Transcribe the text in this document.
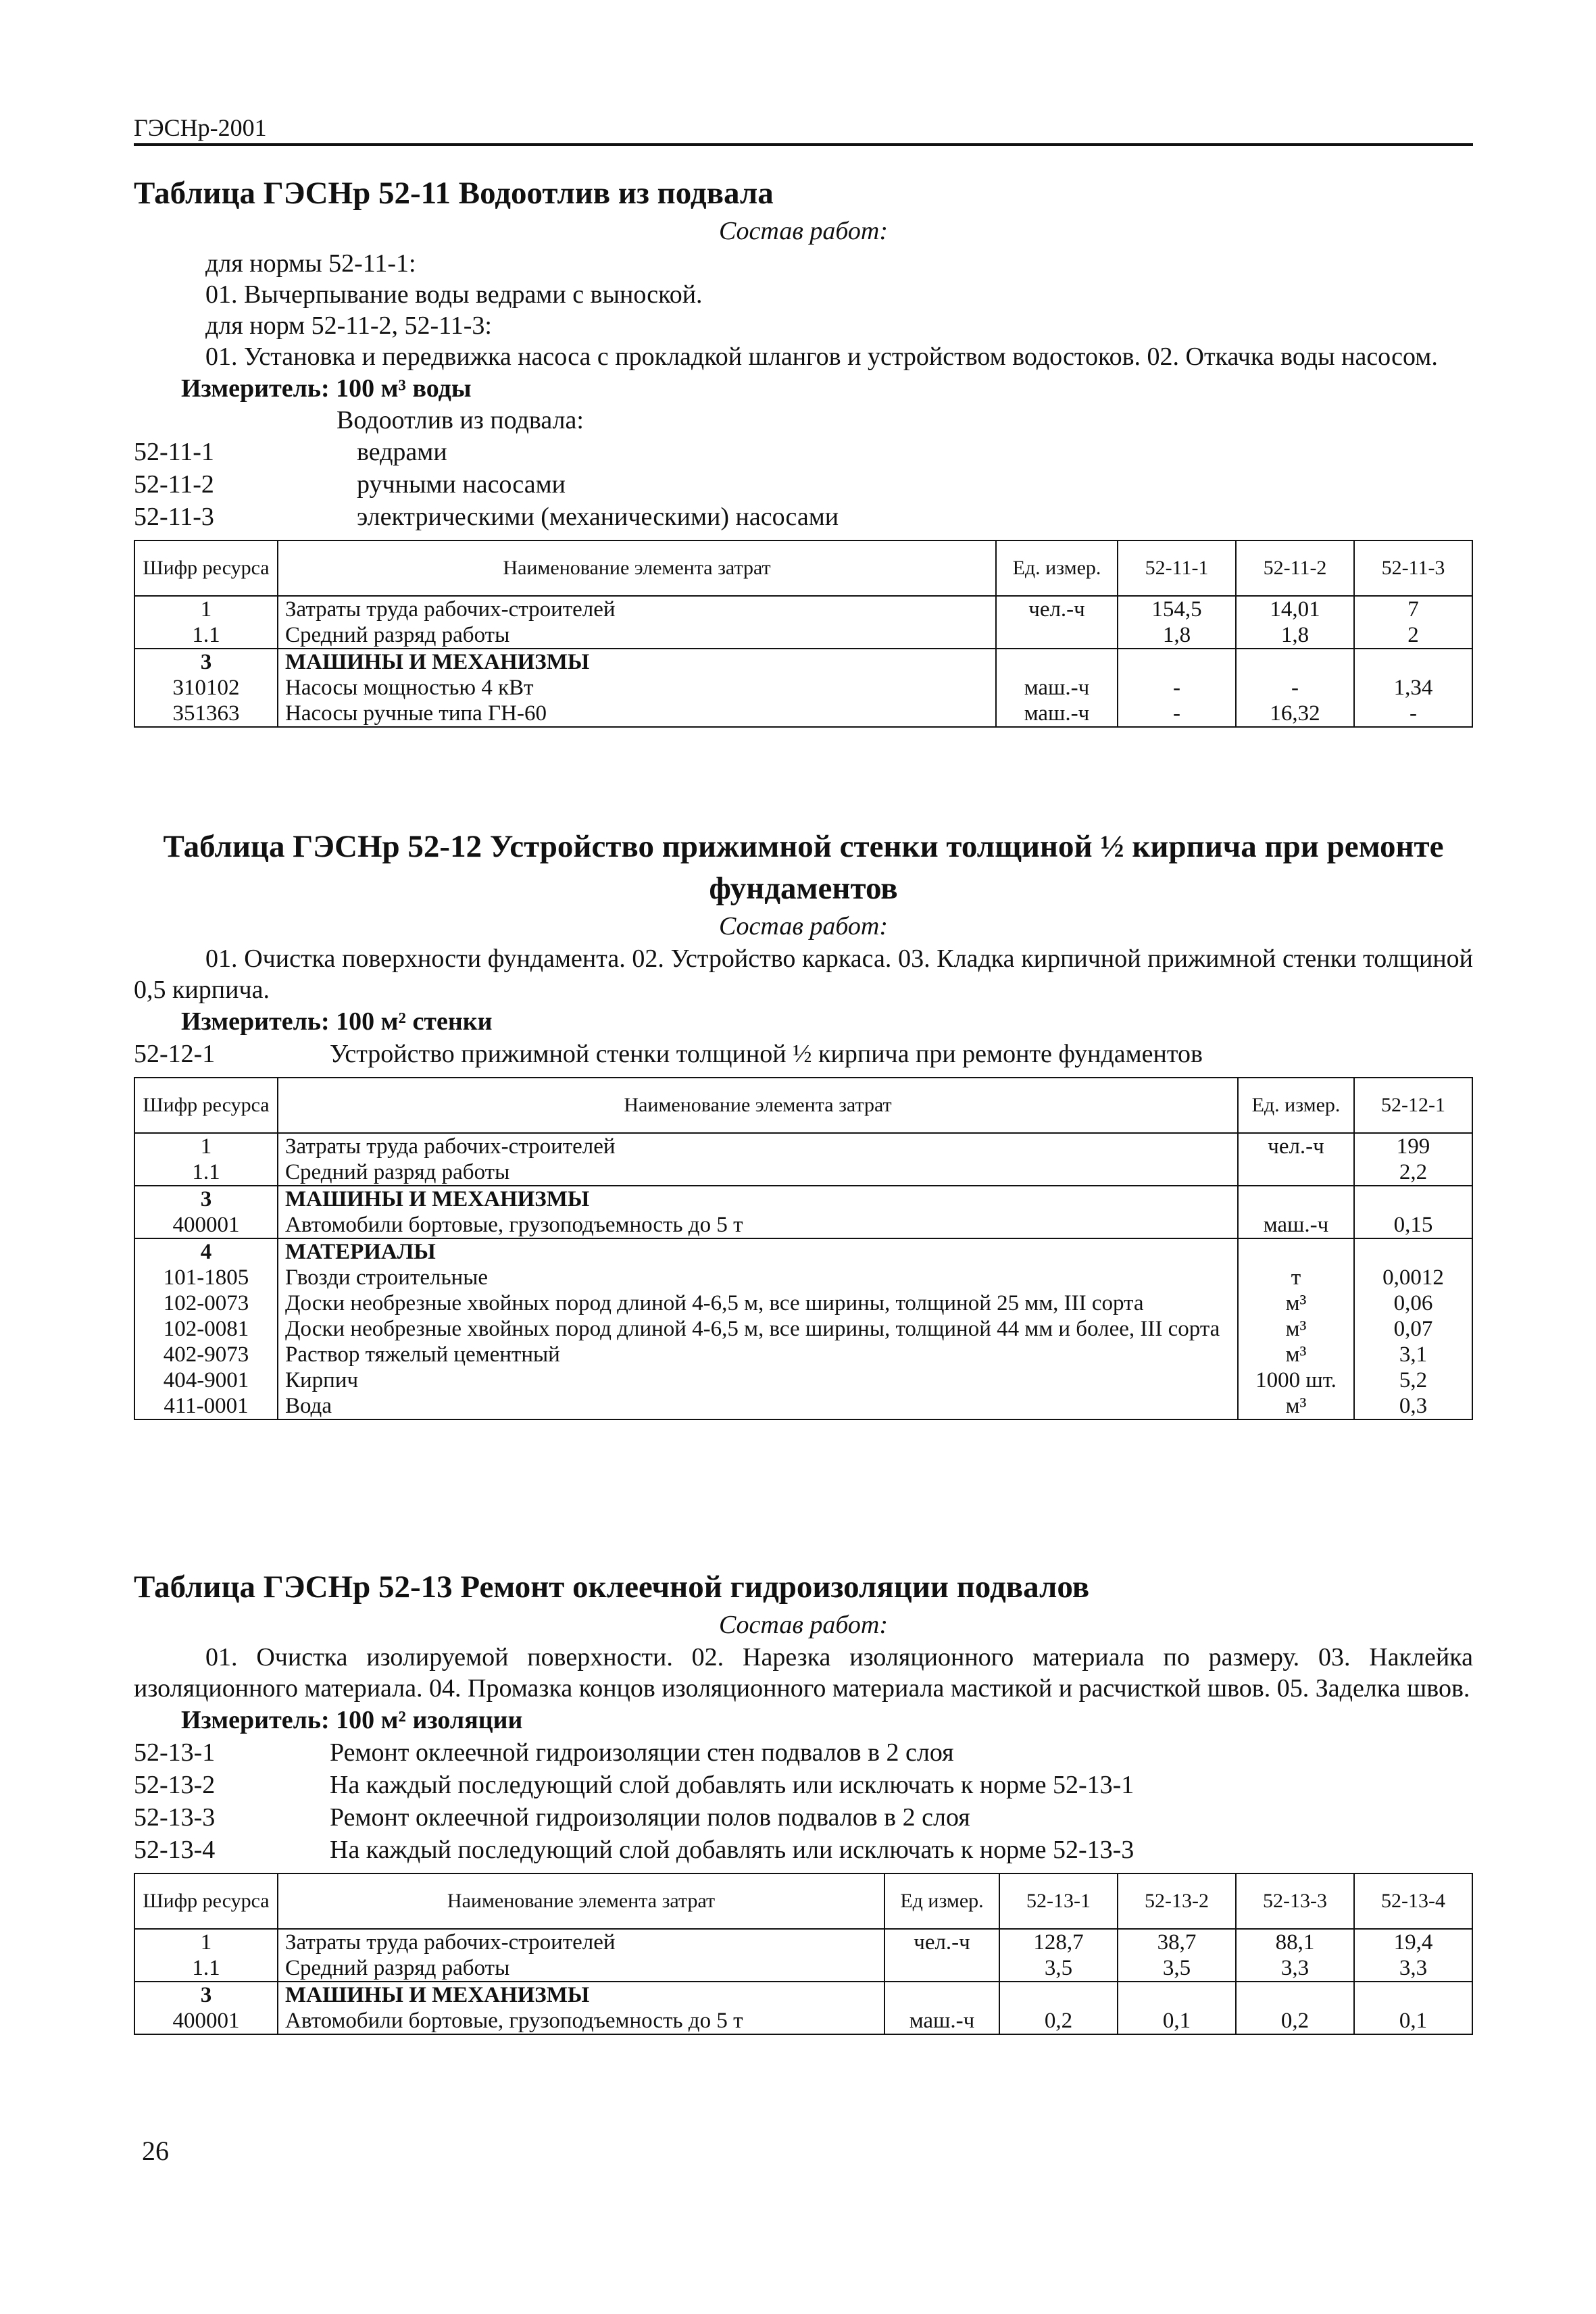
ГЭСНр-2001
Таблица ГЭСНр 52-11 Водоотлив из подвала
Состав работ:
для нормы 52-11-1:
01. Вычерпывание воды ведрами с выноской.
для норм 52-11-2, 52-11-3:
01. Установка и передвижка насоса с прокладкой шлангов и устройством водостоков. 02. Откачка воды насосом.
Измеритель: 100 м³ воды
Водоотлив из подвала:
52-11-1	ведрами
52-11-2	ручными насосами
52-11-3	электрическими (механическими) насосами
Шифр ресурса	Наименование элемента затрат	Ед. измер.	52-11-1	52-11-2	52-11-3
1	Затраты труда рабочих-строителей	чел.-ч	154,5	14,01	7
1.1	Средний разряд работы		1,8	1,8	2
3	МАШИНЫ И МЕХАНИЗМЫ				
310102	Насосы мощностью 4 кВт	маш.-ч	-	-	1,34
351363	Насосы ручные типа ГН-60	маш.-ч	-	16,32	-
Таблица ГЭСНр 52-12 Устройство прижимной стенки толщиной ½ кирпича при ремонте фундаментов
Состав работ:
01. Очистка поверхности фундамента. 02. Устройство каркаса. 03. Кладка кирпичной прижимной стенки толщиной 0,5 кирпича.
Измеритель: 100 м² стенки
52-12-1	Устройство прижимной стенки толщиной ½ кирпича при ремонте фундаментов
Шифр ресурса	Наименование элемента затрат	Ед. измер.	52-12-1
1	Затраты труда рабочих-строителей	чел.-ч	199
1.1	Средний разряд работы		2,2
3	МАШИНЫ И МЕХАНИЗМЫ		
400001	Автомобили бортовые, грузоподъемность до 5 т	маш.-ч	0,15
4	МАТЕРИАЛЫ		
101-1805	Гвозди строительные	т	0,0012
102-0073	Доски необрезные хвойных пород длиной 4-6,5 м, все ширины, толщиной 25 мм, III сорта	м³	0,06
102-0081	Доски необрезные хвойных пород длиной 4-6,5 м, все ширины, толщиной 44 мм и более, III сорта	м³	0,07
402-9073	Раствор тяжелый цементный	м³	3,1
404-9001	Кирпич	1000 шт.	5,2
411-0001	Вода	м³	0,3
Таблица ГЭСНр 52-13 Ремонт оклеечной гидроизоляции подвалов
Состав работ:
01. Очистка изолируемой поверхности. 02. Нарезка изоляционного материала по размеру. 03. Наклейка изоляционного материала. 04. Промазка концов изоляционного материала мастикой и расчисткой швов. 05. Заделка швов.
Измеритель: 100 м² изоляции
52-13-1	Ремонт оклеечной гидроизоляции стен подвалов в 2 слоя
52-13-2	На каждый последующий слой добавлять или исключать к норме 52-13-1
52-13-3	Ремонт оклеечной гидроизоляции полов подвалов в 2 слоя
52-13-4	На каждый последующий слой добавлять или исключать к норме 52-13-3
Шифр ресурса	Наименование элемента затрат	Ед измер.	52-13-1	52-13-2	52-13-3	52-13-4
1	Затраты труда рабочих-строителей	чел.-ч	128,7	38,7	88,1	19,4
1.1	Средний разряд работы		3,5	3,5	3,3	3,3
3	МАШИНЫ И МЕХАНИЗМЫ					
400001	Автомобили бортовые, грузоподъемность до 5 т	маш.-ч	0,2	0,1	0,2	0,1
26
